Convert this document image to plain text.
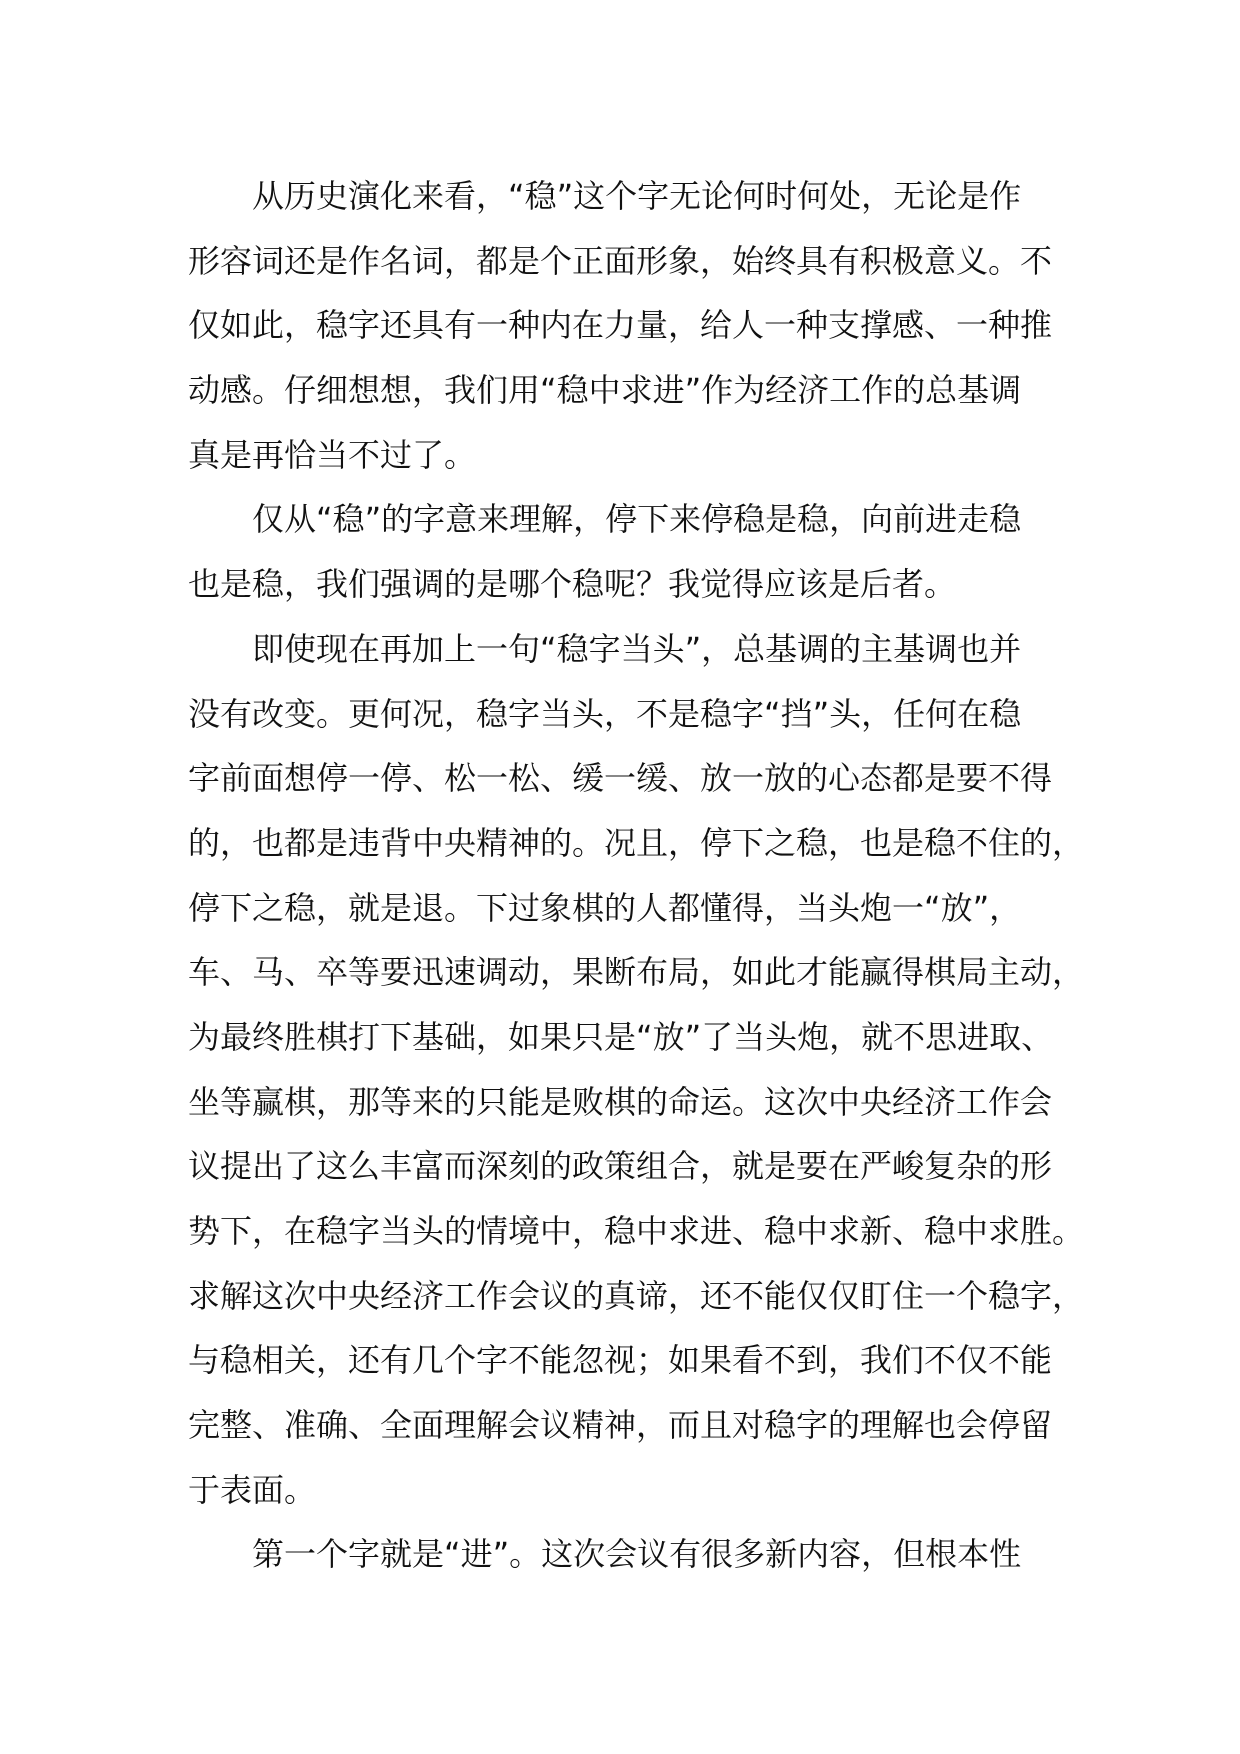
从历史演化来看，“稳”这个字无论何时何处，无论是作
形容词还是作名词，都是个正面形象，始终具有积极意义。不
仅如此，稳字还具有一种内在力量，给人一种支撑感、一种推
动感。仔细想想，我们用“稳中求进”作为经济工作的总基调
真是再恰当不过了。
仅从“稳”的字意来理解，停下来停稳是稳，向前进走稳
也是稳，我们强调的是哪个稳呢？我觉得应该是后者。
即使现在再加上一句“稳字当头”，总基调的主基调也并
没有改变。更何况，稳字当头，不是稳字“挡”头，任何在稳
字前面想停一停、松一松、缓一缓、放一放的心态都是要不得
的，也都是违背中央精神的。况且，停下之稳，也是稳不住的，
停下之稳，就是退。下过象棋的人都懂得，当头炮一“放”，
车、马、卒等要迅速调动，果断布局，如此才能赢得棋局主动，
为最终胜棋打下基础，如果只是“放”了当头炮，就不思进取、
坐等赢棋，那等来的只能是败棋的命运。这次中央经济工作会
议提出了这么丰富而深刻的政策组合，就是要在严峻复杂的形
势下，在稳字当头的情境中，稳中求进、稳中求新、稳中求胜。
求解这次中央经济工作会议的真谛，还不能仅仅盯住一个稳字，
与稳相关，还有几个字不能忽视；如果看不到，我们不仅不能
完整、准确、全面理解会议精神，而且对稳字的理解也会停留
于表面。
第一个字就是“进”。这次会议有很多新内容，但根本性
